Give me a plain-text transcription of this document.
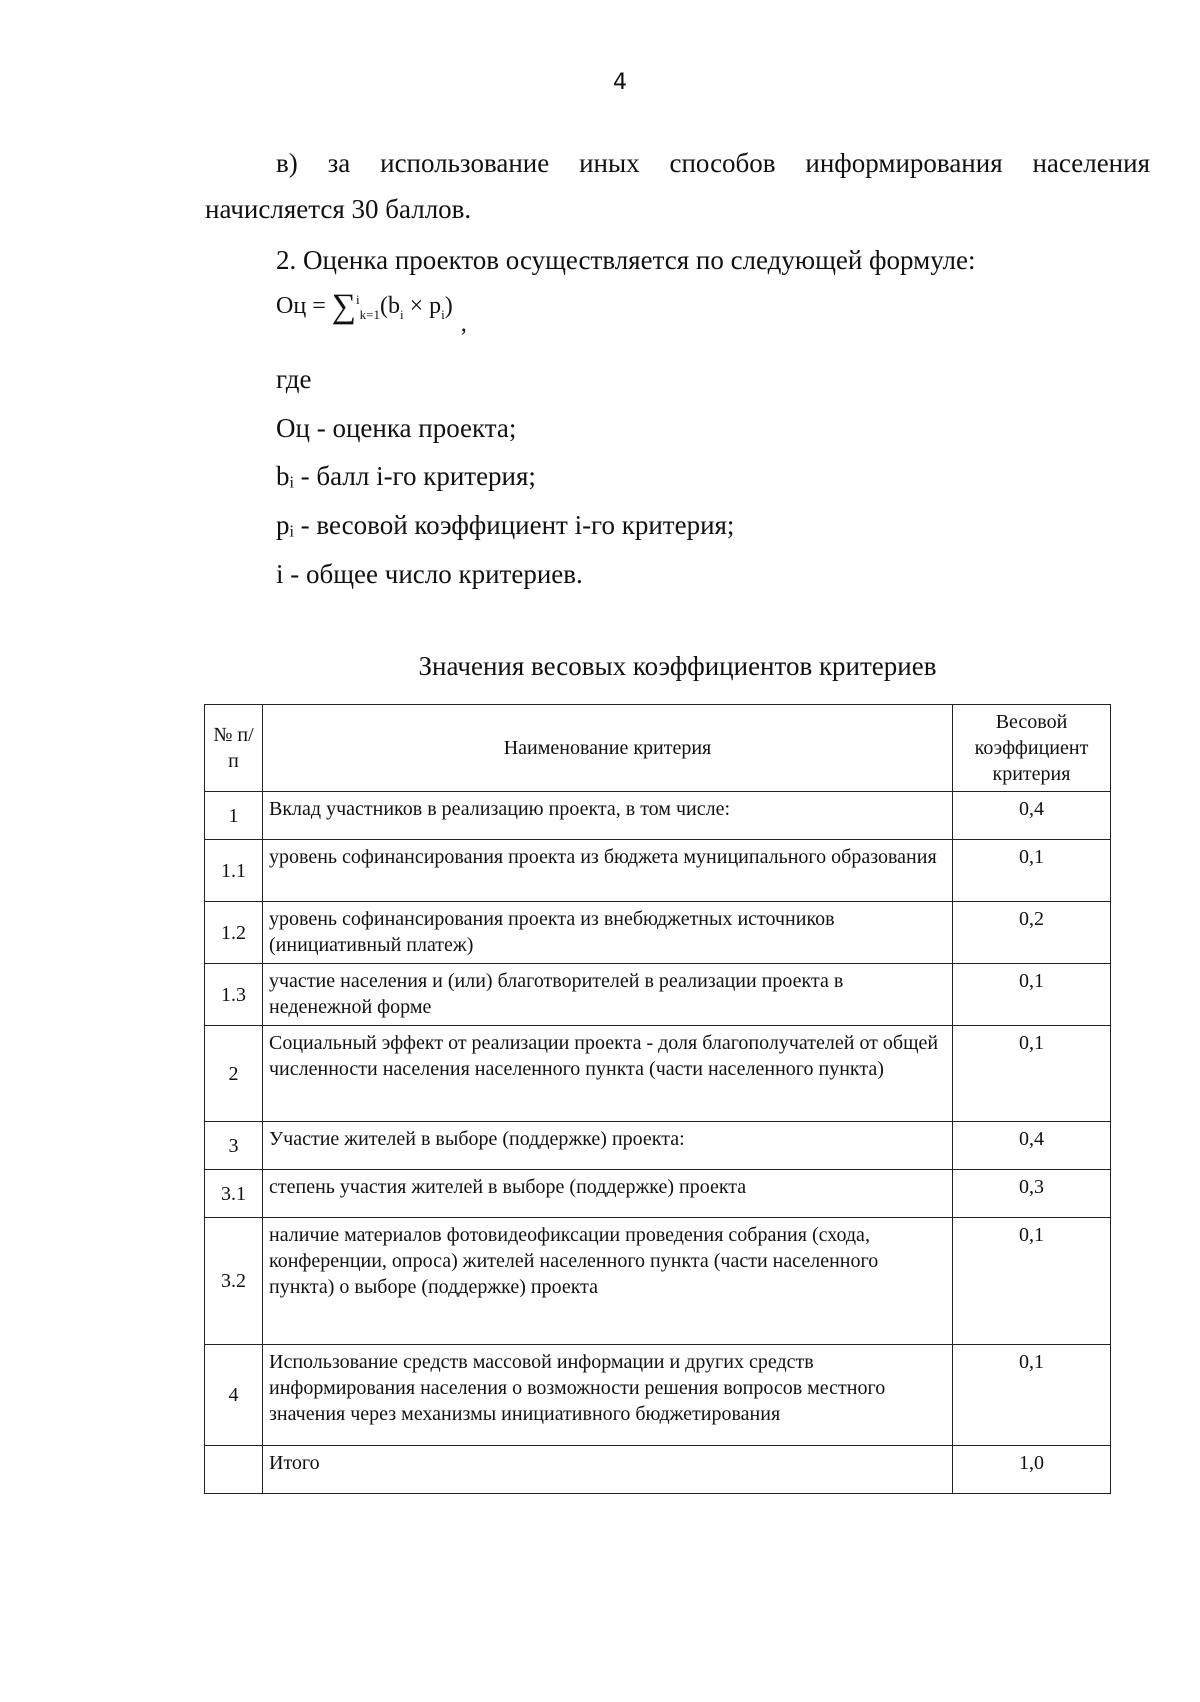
4
в) за использование иных способов информирования населения начисляется 30 баллов.
2. Оценка проектов осуществляется по следующей формуле:
Оц = $\sum^i_{k=1}(b_i \times p_i)$,
где
Оц - оценка проекта;
bᵢ - балл i-го критерия;
pᵢ - весовой коэффициент i-го критерия;
i - общее число критериев.
Значения весовых коэффициентов критериев
№ п/п	Наименование критерия	Весовой коэффициент критерия
1	Вклад участников в реализацию проекта, в том числе:	0,4
1.1	уровень софинансирования проекта из бюджета муниципального образования	0,1
1.2	уровень софинансирования проекта из внебюджетных источников (инициативный платеж)	0,2
1.3	участие населения и (или) благотворителей в реализации проекта в неденежной форме	0,1
2	Социальный эффект от реализации проекта - доля благополучателей от общей численности населения населенного пункта (части населенного пункта)	0,1
3	Участие жителей в выборе (поддержке) проекта:	0,4
3.1	степень участия жителей в выборе (поддержке) проекта	0,3
3.2	наличие материалов фотовидеофиксации проведения собрания (схода, конференции, опроса) жителей населенного пункта (части населенного пункта) о выборе (поддержке) проекта	0,1
4	Использование средств массовой информации и других средств информирования населения о возможности решения вопросов местного значения через механизмы инициативного бюджетирования	0,1
	Итого	1,0
